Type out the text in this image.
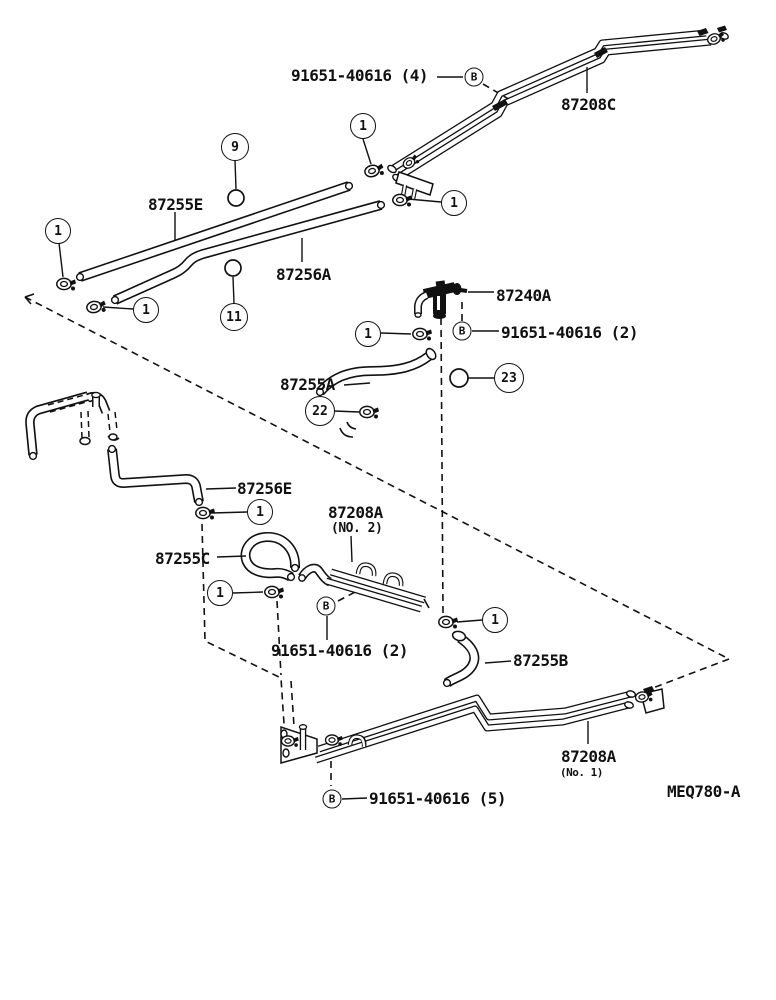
91651-40616 (4)
87208C
87255E
87256A
87240A
91651-40616 (2)
87255A
87256E
87208A
(NO. 2)
87255C
91651-40616 (2)
87255B
87208A
(No. 1)
91651-40616 (5)	MEQ780-A
1
1
1
1
1
1
1
1
9
11
22
23
B
B
B
B
